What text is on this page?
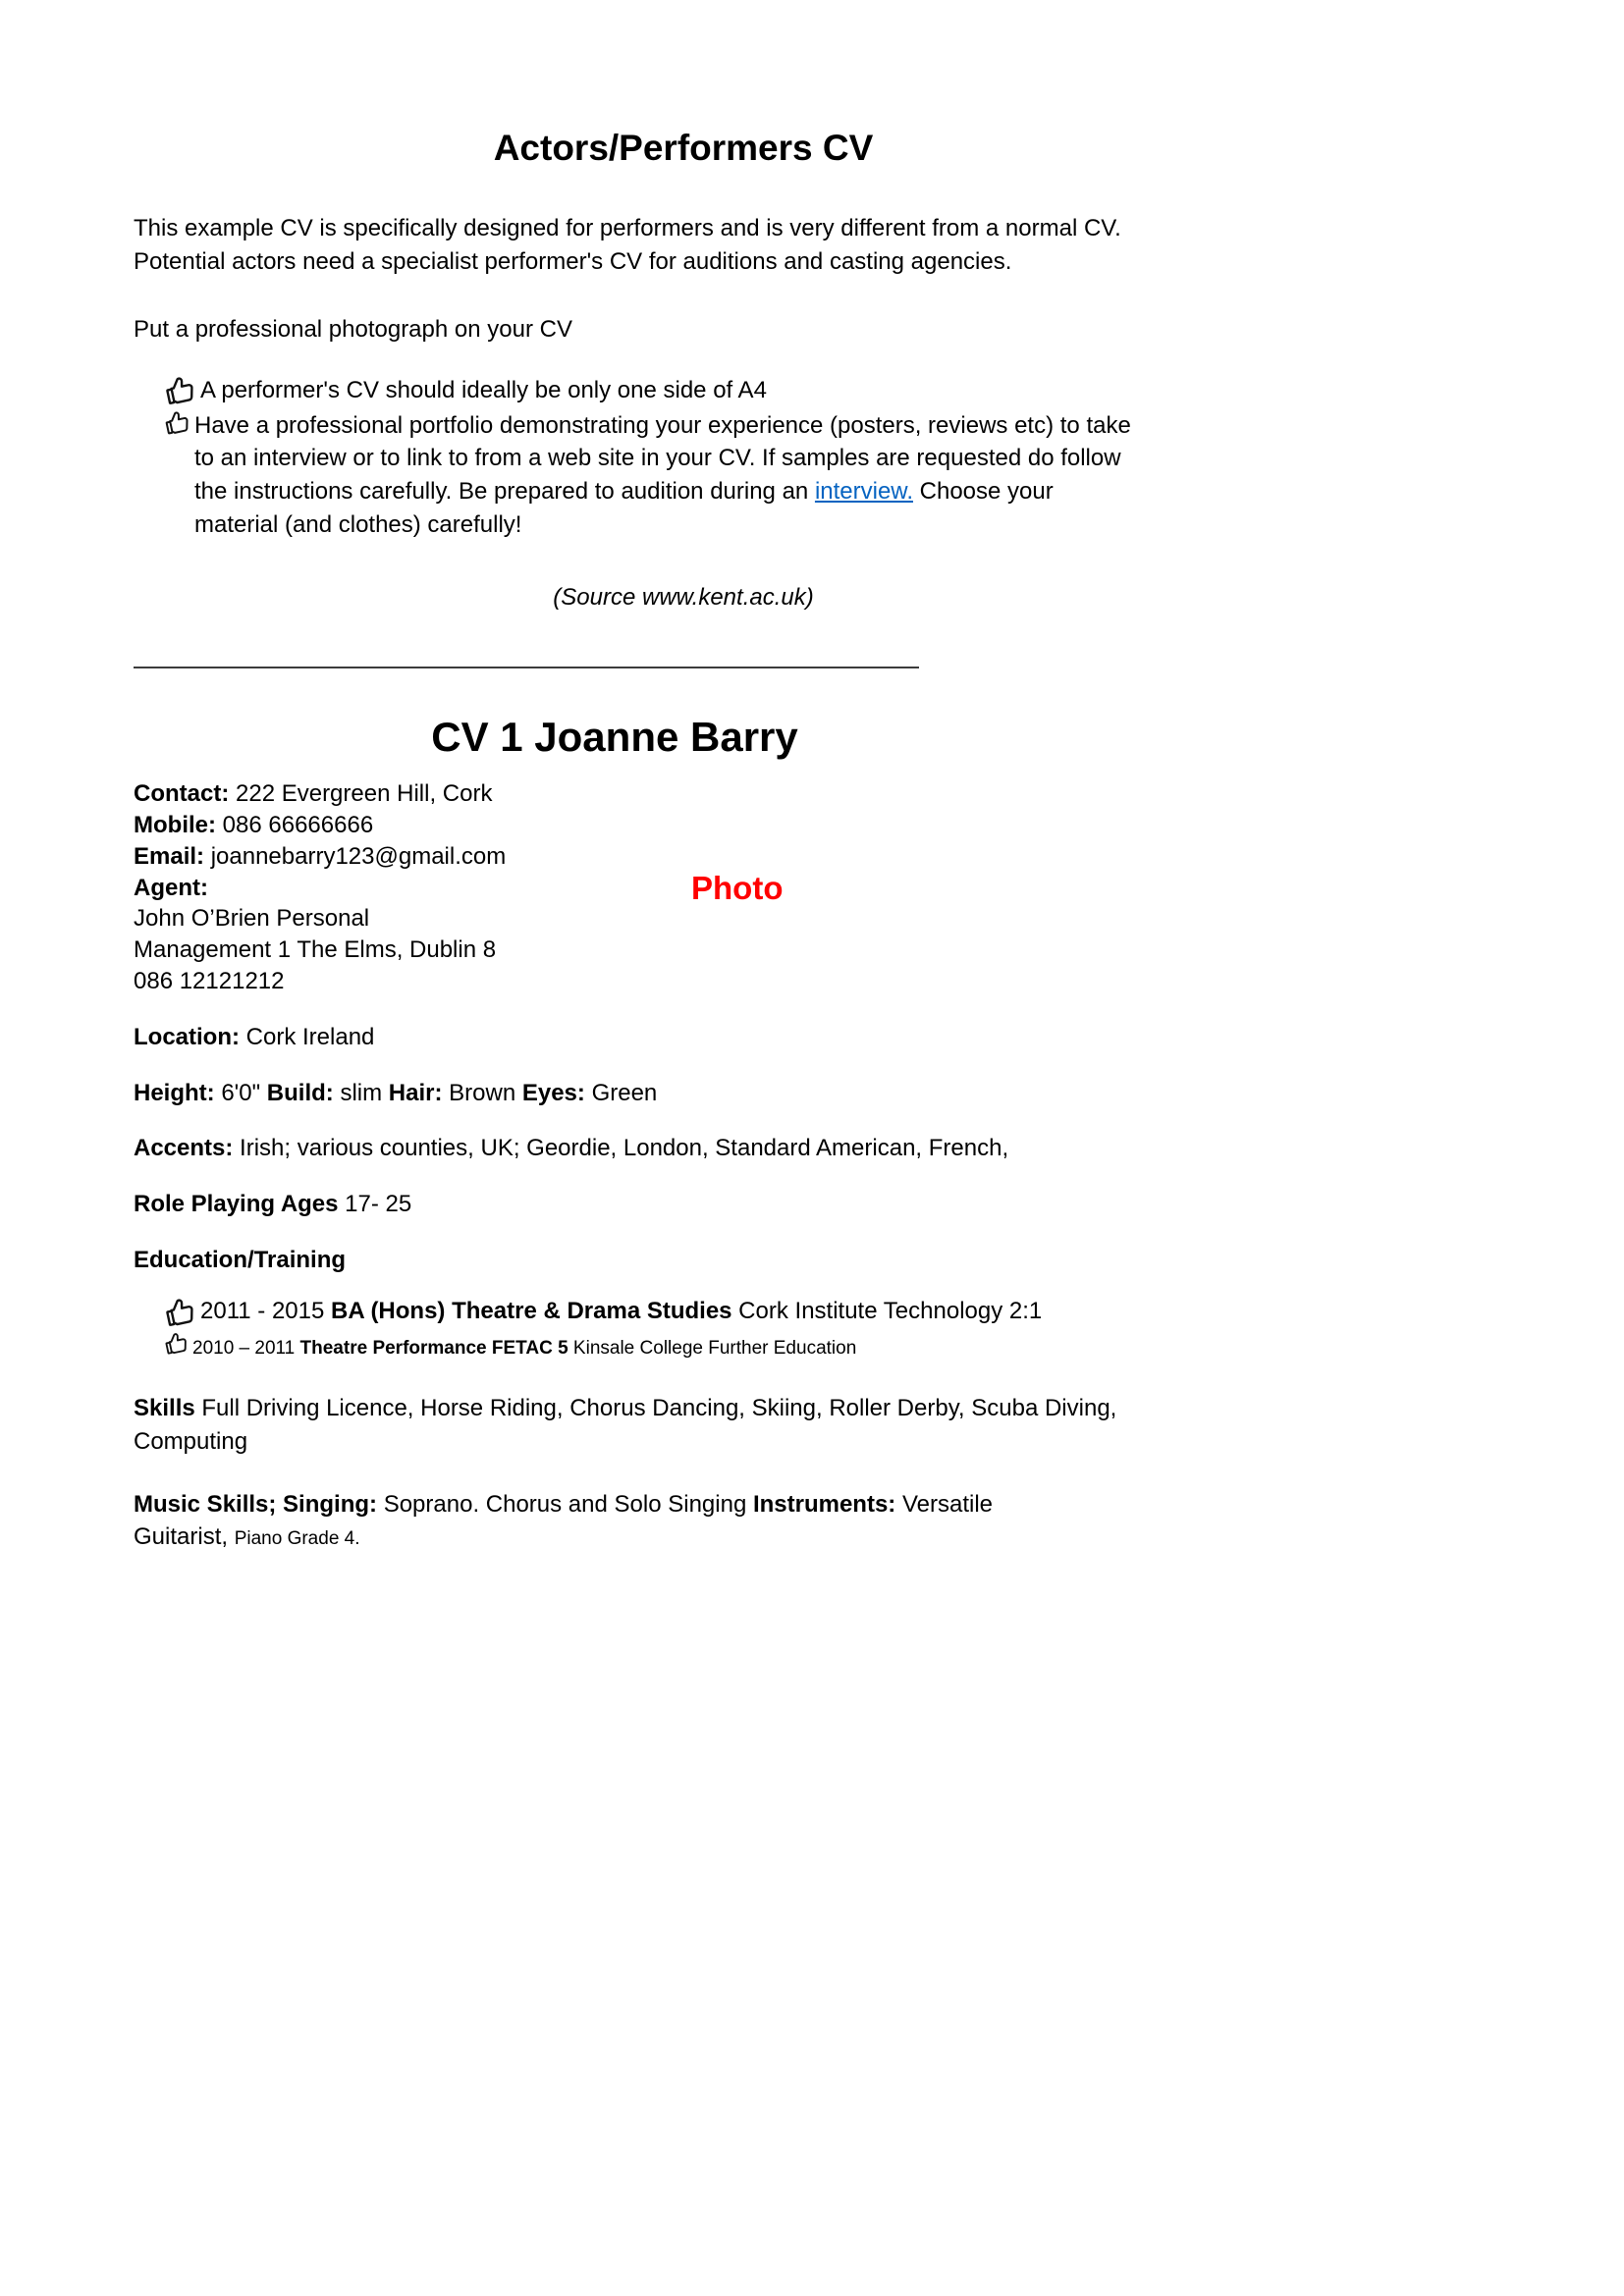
Actors/Performers CV

This example CV is specifically designed for performers and is very different from a normal CV. Potential actors need a specialist performer's CV for auditions and casting agencies.

Put a professional photograph on your CV

A performer's CV should ideally be only one side of A4
Have a professional portfolio demonstrating your experience (posters, reviews etc) to take to an interview or to link to from a web site in your CV. If samples are requested do follow the instructions carefully. Be prepared to audition during an interview. Choose your material (and clothes) carefully!

(Source www.kent.ac.uk)

CV 1 Joanne Barry
Contact: 222 Evergreen Hill, Cork
Mobile: 086 66666666
Email: joannebarry123@gmail.com
Agent:	Photo
John O’Brien Personal
Management 1 The Elms, Dublin 8
086 12121212
Location: Cork Ireland
Height: 6'0" Build: slim Hair: Brown Eyes: Green
Accents: Irish; various counties, UK; Geordie, London, Standard American, French,
Role Playing Ages 17- 25
Education/Training
2011 - 2015 BA (Hons) Theatre & Drama Studies Cork Institute Technology 2:1
2010 – 2011 Theatre Performance FETAC 5 Kinsale College Further Education

Skills Full Driving Licence, Horse Riding, Chorus Dancing, Skiing, Roller Derby, Scuba Diving, Computing

Music Skills; Singing: Soprano. Chorus and Solo Singing Instruments: Versatile Guitarist, Piano Grade 4.
